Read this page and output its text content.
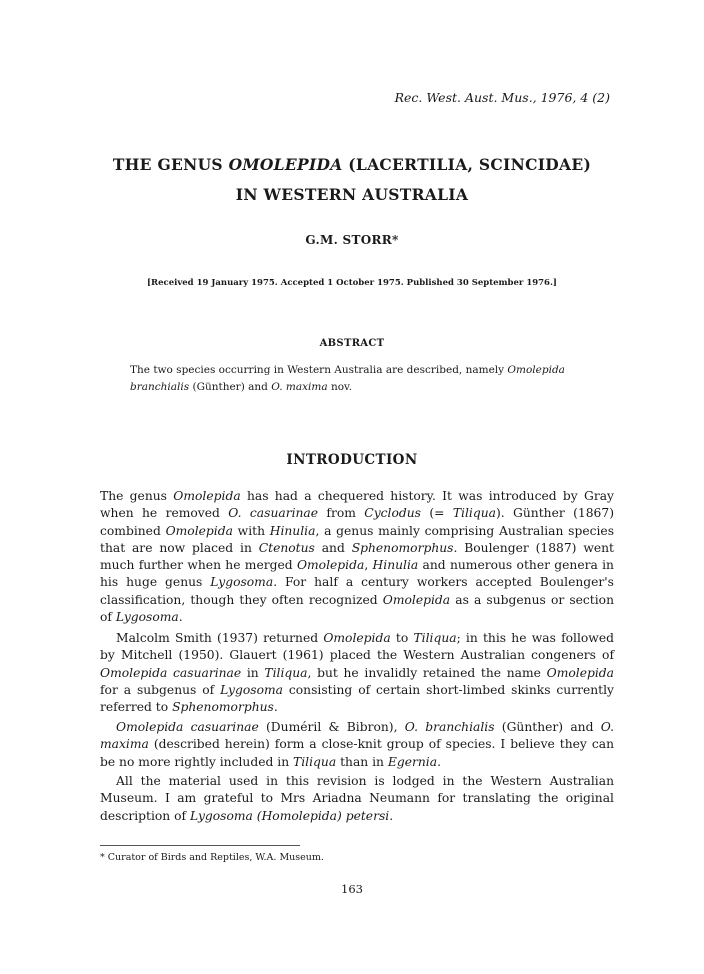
Rec. West. Aust. Mus., 1976, 4 (2)
THE GENUS OMOLEPIDA (LACERTILIA, SCINCIDAE)
IN WESTERN AUSTRALIA
G.M. STORR*
[Received 19 January 1975. Accepted 1 October 1975. Published 30 September 1976.]
ABSTRACT
The two species occurring in Western Australia are described, namely Omolepida branchialis (Günther) and O. maxima nov.
INTRODUCTION
The genus Omolepida has had a chequered history. It was introduced by Gray when he removed O. casuarinae from Cyclodus (= Tiliqua). Günther (1867) combined Omolepida with Hinulia, a genus mainly comprising Australian species that are now placed in Ctenotus and Sphenomorphus. Boulenger (1887) went much further when he merged Omolepida, Hinulia and numerous other genera in his huge genus Lygosoma. For half a century workers accepted Boulenger's classification, though they often recognized Omolepida as a subgenus or section of Lygosoma.
Malcolm Smith (1937) returned Omolepida to Tiliqua; in this he was followed by Mitchell (1950). Glauert (1961) placed the Western Australian congeners of Omolepida casuarinae in Tiliqua, but he invalidly retained the name Omolepida for a subgenus of Lygosoma consisting of certain short-limbed skinks currently referred to Sphenomorphus.
Omolepida casuarinae (Duméril & Bibron), O. branchialis (Günther) and O. maxima (described herein) form a close-knit group of species. I believe they can be no more rightly included in Tiliqua than in Egernia.
All the material used in this revision is lodged in the Western Australian Museum. I am grateful to Mrs Ariadna Neumann for translating the original description of Lygosoma (Homolepida) petersi.
* Curator of Birds and Reptiles, W.A. Museum.
163
